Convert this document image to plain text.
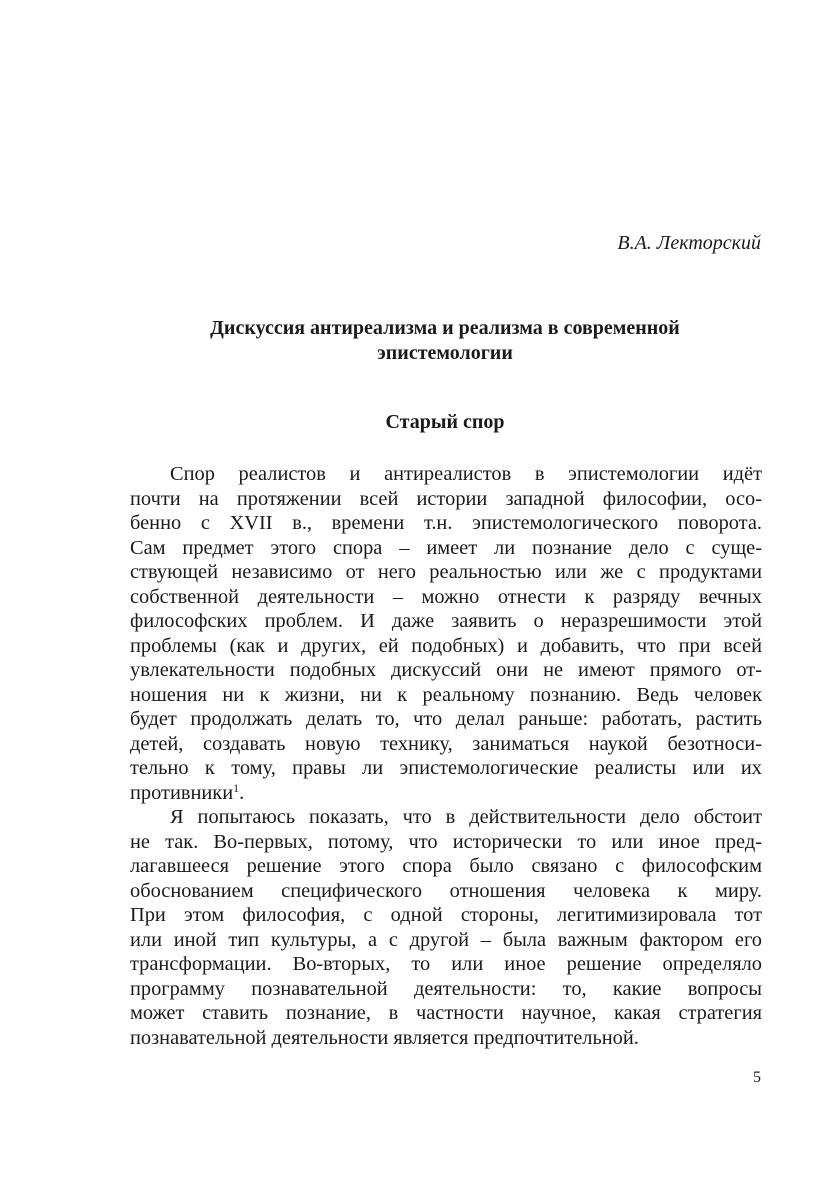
В.А. Лекторский
Дискуссия антиреализма и реализма в современной
эпистемологии
Старый спор
Спор реалистов и антиреалистов в эпистемологии идёт
почти на протяжении всей истории западной философии, осо-
бенно с XVII в., времени т.н. эпистемологического поворота.
Сам предмет этого спора – имеет ли познание дело с суще-
ствующей независимо от него реальностью или же с продуктами
собственной деятельности – можно отнести к разряду вечных
философских проблем. И даже заявить о неразрешимости этой
проблемы (как и других, ей подобных) и добавить, что при всей
увлекательности подобных дискуссий они не имеют прямого от-
ношения ни к жизни, ни к реальному познанию. Ведь человек
будет продолжать делать то, что делал раньше: работать, растить
детей, создавать новую технику, заниматься наукой безотноси-
тельно к тому, правы ли эпистемологические реалисты или их
противники$^1$.
Я попытаюсь показать, что в действительности дело обстоит
не так. Во-первых, потому, что исторически то или иное пред-
лагавшееся решение этого спора было связано с философским
обоснованием специфического отношения человека к миру.
При этом философия, с одной стороны, легитимизировала тот
или иной тип культуры, а с другой – была важным фактором его
трансформации. Во-вторых, то или иное решение определяло
программу познавательной деятельности: то, какие вопросы
может ставить познание, в частности научное, какая стратегия
познавательной деятельности является предпочтительной.
5
